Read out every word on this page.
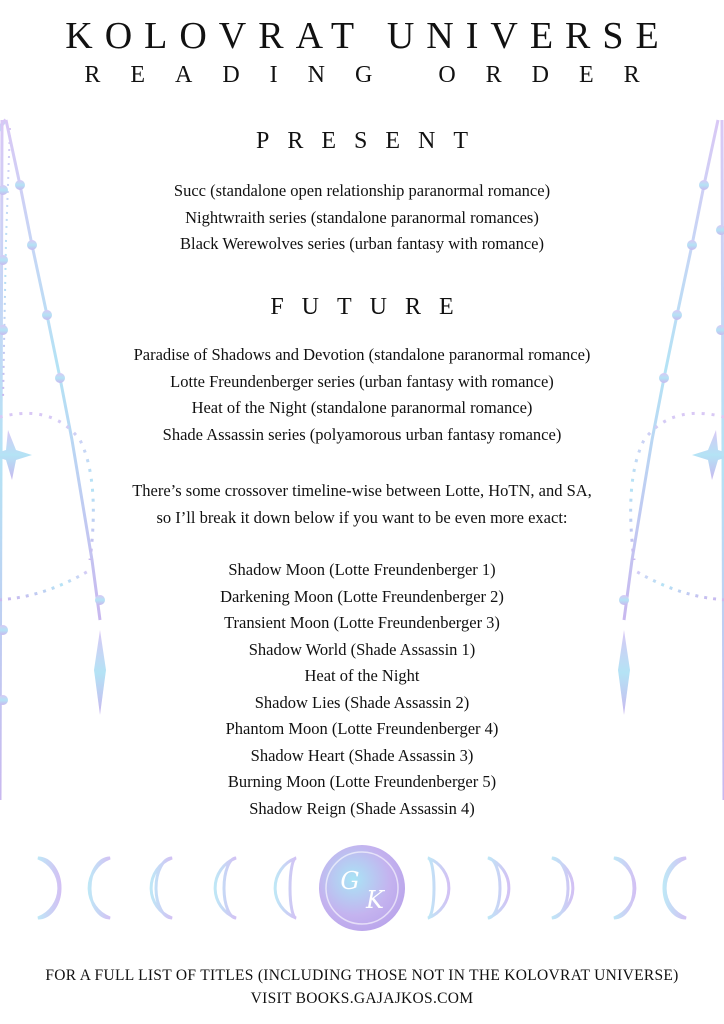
G
K
KOLOVRAT UNIVERSE
READING ORDER
PRESENT
Succ (standalone open relationship paranormal romance)
Nightwraith series (standalone paranormal romances)
Black Werewolves series (urban fantasy with romance)
FUTURE
Paradise of Shadows and Devotion (standalone paranormal romance)
Lotte Freundenberger series (urban fantasy with romance)
Heat of the Night (standalone paranormal romance)
Shade Assassin series (polyamorous urban fantasy romance)

There’s some crossover timeline-wise between Lotte, HoTN, and SA,
so I’ll break it down below if you want to be even more exact:

Shadow Moon (Lotte Freundenberger 1)
Darkening Moon (Lotte Freundenberger 2)
Transient Moon (Lotte Freundenberger 3)
Shadow World (Shade Assassin 1)
Heat of the Night
Shadow Lies (Shade Assassin 2)
Phantom Moon (Lotte Freundenberger 4)
Shadow Heart (Shade Assassin 3)
Burning Moon (Lotte Freundenberger 5)
Shadow Reign (Shade Assassin 4)

FOR A FULL LIST OF TITLES (INCLUDING THOSE NOT IN THE KOLOVRAT UNIVERSE)
VISIT BOOKS.GAJAJKOS.COM
